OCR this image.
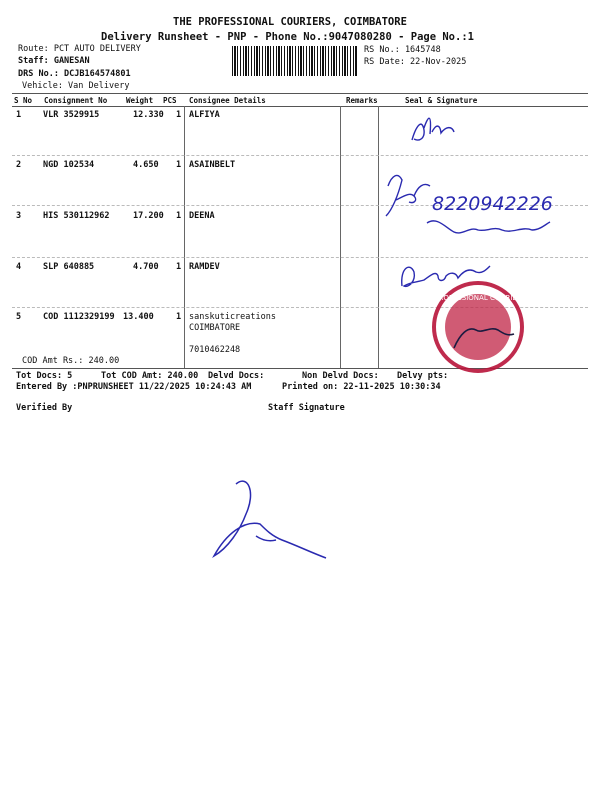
THE PROFESSIONAL COURIERS, COIMBATORE
Delivery Runsheet - PNP - Phone No.:9047080280 - Page No.:1
Route: PCT AUTO DELIVERY
Staff: GANESAN
DRS No.: DCJB164574801
Vehicle: Van Delivery
RS No.: 1645748
RS Date: 22-Nov-2025
S No Consignment No	Weight PCS Consignee Details	Remarks	Seal & Signature
1	VLR 3529915	12.330 1 ALFIYA
2	NGD 102534	4.650 1 ASAINBELT
3	HIS 530112962	17.200 1 DEENA
4	SLP 640885	4.700 1 RAMDEV
5	COD 1112329199 13.400	1 sanskuticreations
COIMBATORE
7010462248
COD Amt Rs.: 240.00
Tot Docs: 5	Tot COD Amt: 240.00 Delvd Docs:	Non Delvd Docs: Delvy pts:
Entered By :PNPRUNSHEET 11/22/2025 10:24:43 AM	Printed on: 22-11-2025 10:30:34
Verified By	Staff Signature
8220942226
PROFESSIONAL COURIER
